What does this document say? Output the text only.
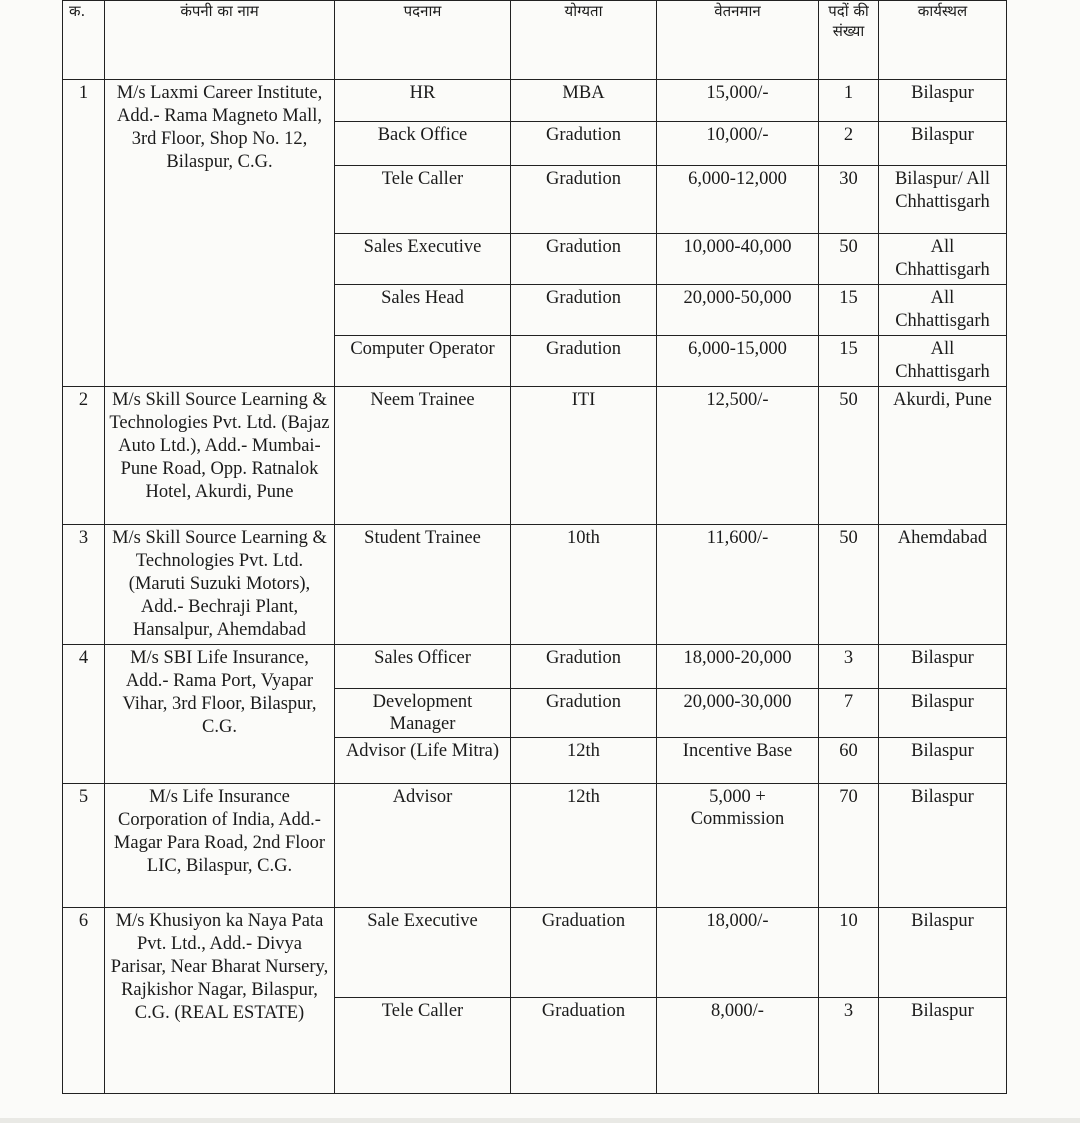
क.	कंपनी का नाम	पदनाम	योग्यता	वेतनमान	पदों की संख्या	कार्यस्थल
1	M/s Laxmi Career Institute, Add.- Rama Magneto Mall, 3rd Floor, Shop No. 12, Bilaspur, C.G.	HR	MBA	15,000/-	1	Bilaspur
		Back Office	Gradution	10,000/-	2	Bilaspur
		Tele Caller	Gradution	6,000-12,000	30	Bilaspur/ All Chhattisgarh
		Sales Executive	Gradution	10,000-40,000	50	All Chhattisgarh
		Sales Head	Gradution	20,000-50,000	15	All Chhattisgarh
		Computer Operator	Gradution	6,000-15,000	15	All Chhattisgarh
2	M/s Skill Source Learning & Technologies Pvt. Ltd. (Bajaz Auto Ltd.), Add.- Mumbai-Pune Road, Opp. Ratnalok Hotel, Akurdi, Pune	Neem Trainee	ITI	12,500/-	50	Akurdi, Pune
3	M/s Skill Source Learning & Technologies Pvt. Ltd. (Maruti Suzuki Motors), Add.- Bechraji Plant, Hansalpur, Ahemdabad	Student Trainee	10th	11,600/-	50	Ahemdabad
4	M/s SBI Life Insurance, Add.- Rama Port, Vyapar Vihar, 3rd Floor, Bilaspur, C.G.	Sales Officer	Gradution	18,000-20,000	3	Bilaspur
		Development Manager	Gradution	20,000-30,000	7	Bilaspur
		Advisor (Life Mitra)	12th	Incentive Base	60	Bilaspur
5	M/s Life Insurance Corporation of India, Add.- Magar Para Road, 2nd Floor LIC, Bilaspur, C.G.	Advisor	12th	5,000 + Commission	70	Bilaspur
6	M/s Khusiyon ka Naya Pata Pvt. Ltd., Add.- Divya Parisar, Near Bharat Nursery, Rajkishor Nagar, Bilaspur, C.G. (REAL ESTATE)	Sale Executive	Graduation	18,000/-	10	Bilaspur
		Tele Caller	Graduation	8,000/-	3	Bilaspur
